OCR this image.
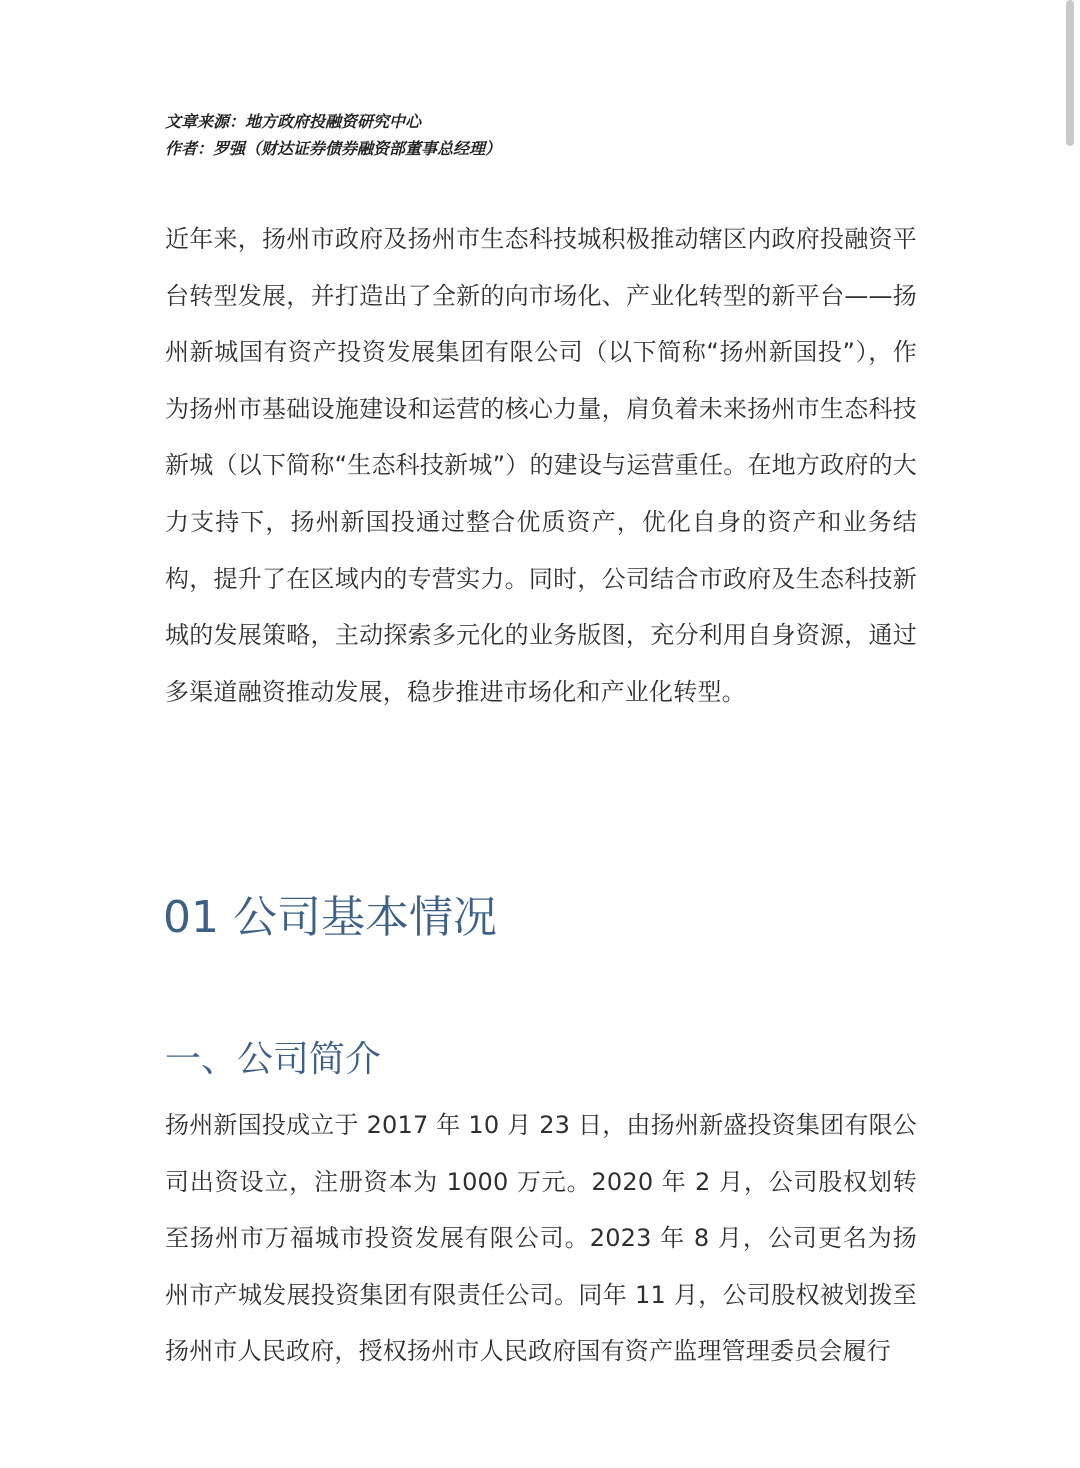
文章来源：地方政府投融资研究中心
作者：罗强（财达证券债券融资部董事总经理）

近年来，扬州市政府及扬州市生态科技城积极推动辖区内政府投融资平台转型发展，并打造出了全新的向市场化、产业化转型的新平台——扬州新城国有资产投资发展集团有限公司（以下简称“扬州新国投”），作为扬州市基础设施建设和运营的核心力量，肩负着未来扬州市生态科技新城（以下简称“生态科技新城”）的建设与运营重任。在地方政府的大力支持下，扬州新国投通过整合优质资产，优化自身的资产和业务结构，提升了在区域内的专营实力。同时，公司结合市政府及生态科技新城的发展策略，主动探索多元化的业务版图，充分利用自身资源，通过多渠道融资推动发展，稳步推进市场化和产业化转型。

01 公司基本情况
一、公司简介

扬州新国投成立于 2017 年 10 月 23 日，由扬州新盛投资集团有限公司出资设立，注册资本为 1000 万元。2020 年 2 月，公司股权划转至扬州市万福城市投资发展有限公司。2023 年 8 月，公司更名为扬州市产城发展投资集团有限责任公司。同年 11 月，公司股权被划拨至扬州市人民政府，授权扬州市人民政府国有资产监理管理委员会履行
